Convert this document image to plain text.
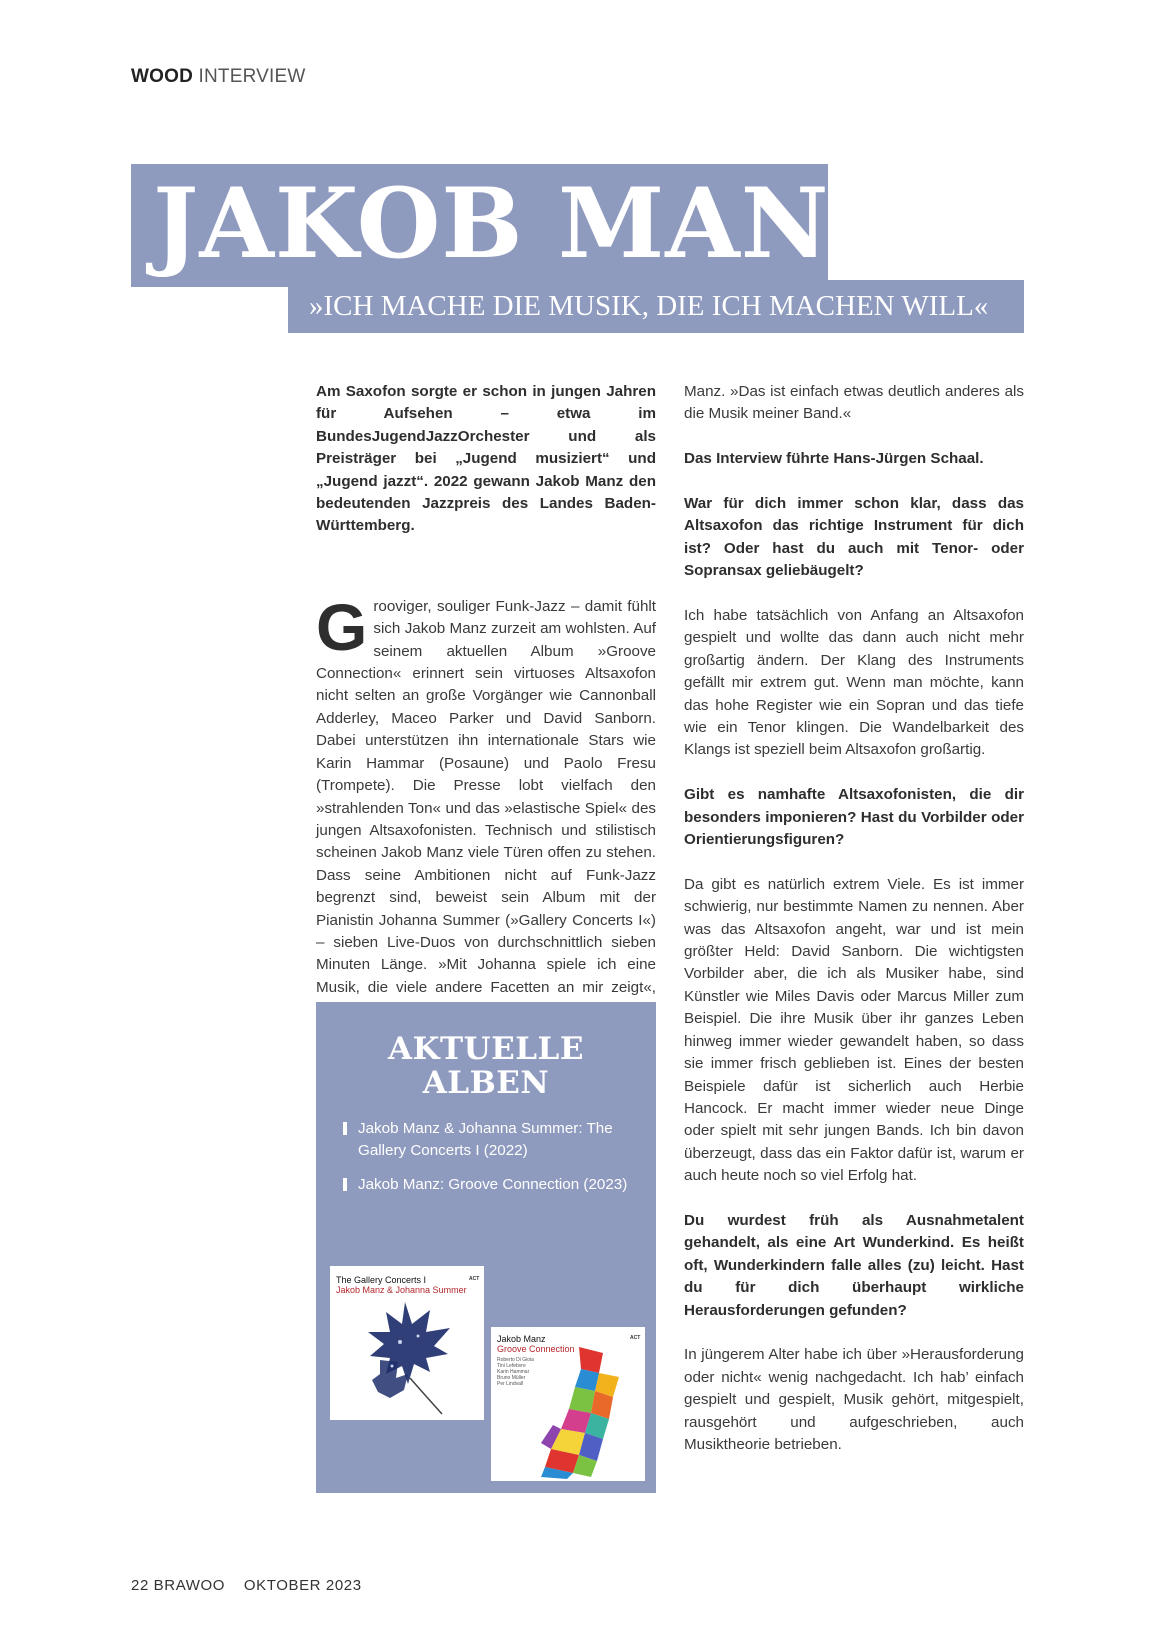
WOOD INTERVIEW
JAKOB MANZ
»ICH MACHE DIE MUSIK, DIE ICH MACHEN WILL«

Am Saxofon sorgte er schon in jungen Jahren für Aufsehen – etwa im BundesJugendJazzOrchester und als Preisträger bei „Jugend musiziert“ und „Jugend jazzt“. 2022 gewann Jakob Manz den bedeutenden Jazzpreis des Landes Baden-Württemberg.

Grooviger, souliger Funk-Jazz – damit fühlt sich Jakob Manz zurzeit am wohlsten. Auf seinem aktuellen Album »Groove Connection« erinnert sein virtuoses Altsaxofon nicht selten an große Vorgänger wie Cannonball Adderley, Maceo Parker und David Sanborn. Dabei unterstützen ihn internationale Stars wie Karin Hammar (Posaune) und Paolo Fresu (Trompete). Die Presse lobt vielfach den »strahlenden Ton« und das »elastische Spiel« des jungen Altsaxofonisten. Technisch und stilistisch scheinen Jakob Manz viele Türen offen zu stehen. Dass seine Ambitionen nicht auf Funk-Jazz begrenzt sind, beweist sein Album mit der Pianistin Johanna Summer (»Gallery Concerts I«) – sieben Live-Duos von durchschnittlich sieben Minuten Länge. »Mit Johanna spiele ich eine Musik, die viele andere Facetten an mir zeigt«,

Manz. »Das ist einfach etwas deutlich anderes als die Musik meiner Band.«

Das Interview führte Hans-Jürgen Schaal.

War für dich immer schon klar, dass das Altsaxofon das richtige Instrument für dich ist? Oder hast du auch mit Tenor- oder Sopransax geliebäugelt?

Ich habe tatsächlich von Anfang an Altsaxofon gespielt und wollte das dann auch nicht mehr großartig ändern. Der Klang des Instruments gefällt mir extrem gut. Wenn man möchte, kann das hohe Register wie ein Sopran und das tiefe wie ein Tenor klingen. Die Wandelbarkeit des Klangs ist speziell beim Altsaxofon großartig.

Gibt es namhafte Altsaxofonisten, die dir besonders imponieren? Hast du Vorbilder oder Orientierungsfiguren?

Da gibt es natürlich extrem Viele. Es ist immer schwierig, nur bestimmte Namen zu nennen. Aber was das Altsaxofon angeht, war und ist mein größter Held: David Sanborn. Die wichtigsten Vorbilder aber, die ich als Musiker habe, sind Künstler wie Miles Davis oder Marcus Miller zum Beispiel. Die ihre Musik über ihr ganzes Leben hinweg immer wieder gewandelt haben, so dass sie immer frisch geblieben ist. Eines der besten Beispiele dafür ist sicherlich auch Herbie Hancock. Er macht immer wieder neue Dinge oder spielt mit sehr jungen Bands. Ich bin davon überzeugt, dass das ein Faktor dafür ist, warum er auch heute noch so viel Erfolg hat.

Du wurdest früh als Ausnahmetalent gehandelt, als eine Art Wunderkind. Es heißt oft, Wunderkindern falle alles (zu) leicht. Hast du für dich überhaupt wirkliche Herausforderungen gefunden?

In jüngerem Alter habe ich über »Herausforderung oder nicht« wenig nachgedacht. Ich hab’ einfach gespielt und gespielt, Musik gehört, mitgespielt, rausgehört und aufgeschrieben, auch Musiktheorie betrieben.

AKTUELLE
ALBEN
Jakob Manz & Johanna Summer: The Gallery Concerts I (2022)
Jakob Manz: Groove Connection (2023)
www.jakobmanz.de
The Gallery Concerts I
Jakob Manz & Johanna Summer
ACT
Jakob Manz
Groove Connection
ACT
Roberto Di Gioia
Tini Lefebvre
Karin Hammar
Bruno Müller
Per Lindvall
22 BRAWOO OKTOBER 2023
